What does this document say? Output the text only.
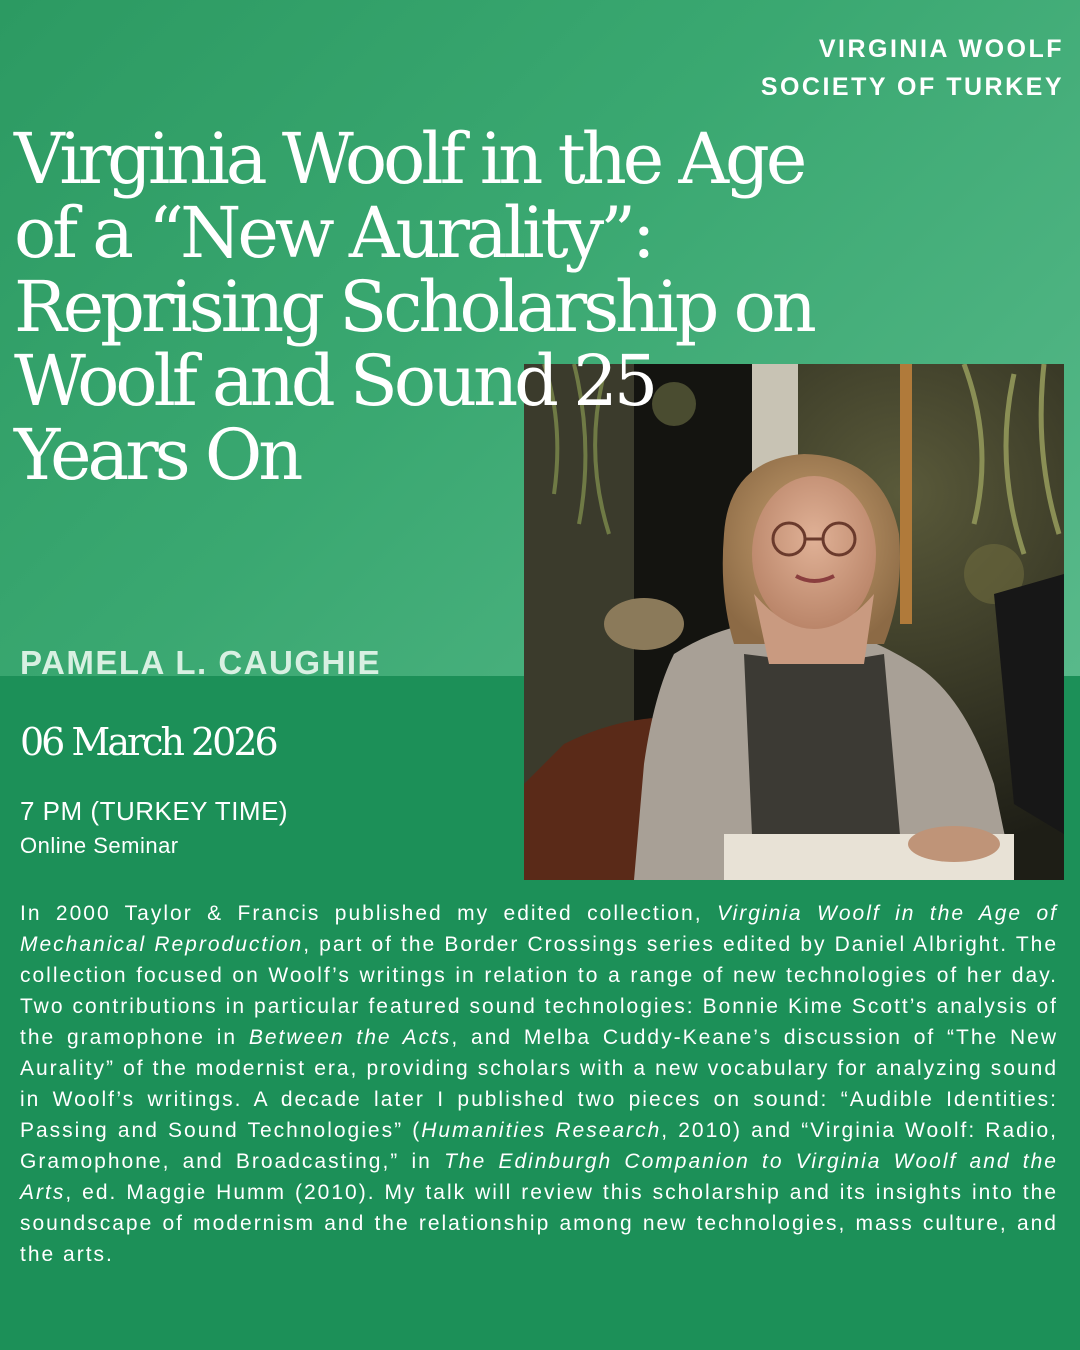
VIRGINIA WOOLF
SOCIETY OF TURKEY
Virginia Woolf in the Age
of a “New Aurality”:
Reprising Scholarship on
Woolf and Sound 25
Years On
PAMELA L. CAUGHIE
06 March 2026
7 PM (TURKEY TIME)
Online Seminar

In 2000 Taylor & Francis published my edited collection, Virginia Woolf in the Age of Mechanical Reproduction, part of the Border Crossings series edited by Daniel Albright. The collection focused on Woolf’s writings in relation to a range of new technologies of her day. Two contributions in particular featured sound technologies: Bonnie Kime Scott’s analysis of the gramophone in Between the Acts, and Melba Cuddy-Keane’s discussion of “The New Aurality” of the modernist era, providing scholars with a new vocabulary for analyzing sound in Woolf’s writings. A decade later I published two pieces on sound: “Audible Identities: Passing and Sound Technologies” (Humanities Research, 2010) and “Virginia Woolf: Radio, Gramophone, and Broadcasting,” in The Edinburgh Companion to Virginia Woolf and the Arts, ed. Maggie Humm (2010). My talk will review this scholarship and its insights into the soundscape of modernism and the relationship among new technologies, mass culture, and the arts.
